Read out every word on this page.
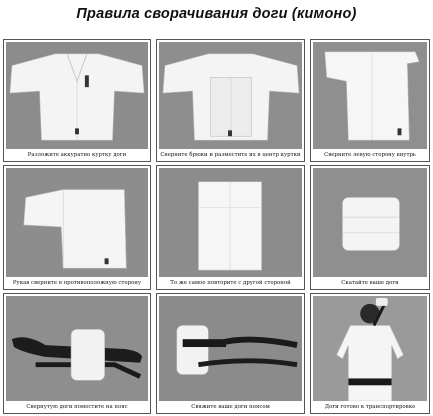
Правила сворачивания доги (кимоно)
Разложите аккуратно куртку доги	Сверните брюки и разместите их в центр куртки	Сверните левую сторону внутрь
Рукав сверните в противоположную сторону	То же самое повторите с другой стороной	Скатайте ваше доги
Свернутую доги поместите на пояс	Свяжите ваше доги поясом	Доги готово к транспортировке
